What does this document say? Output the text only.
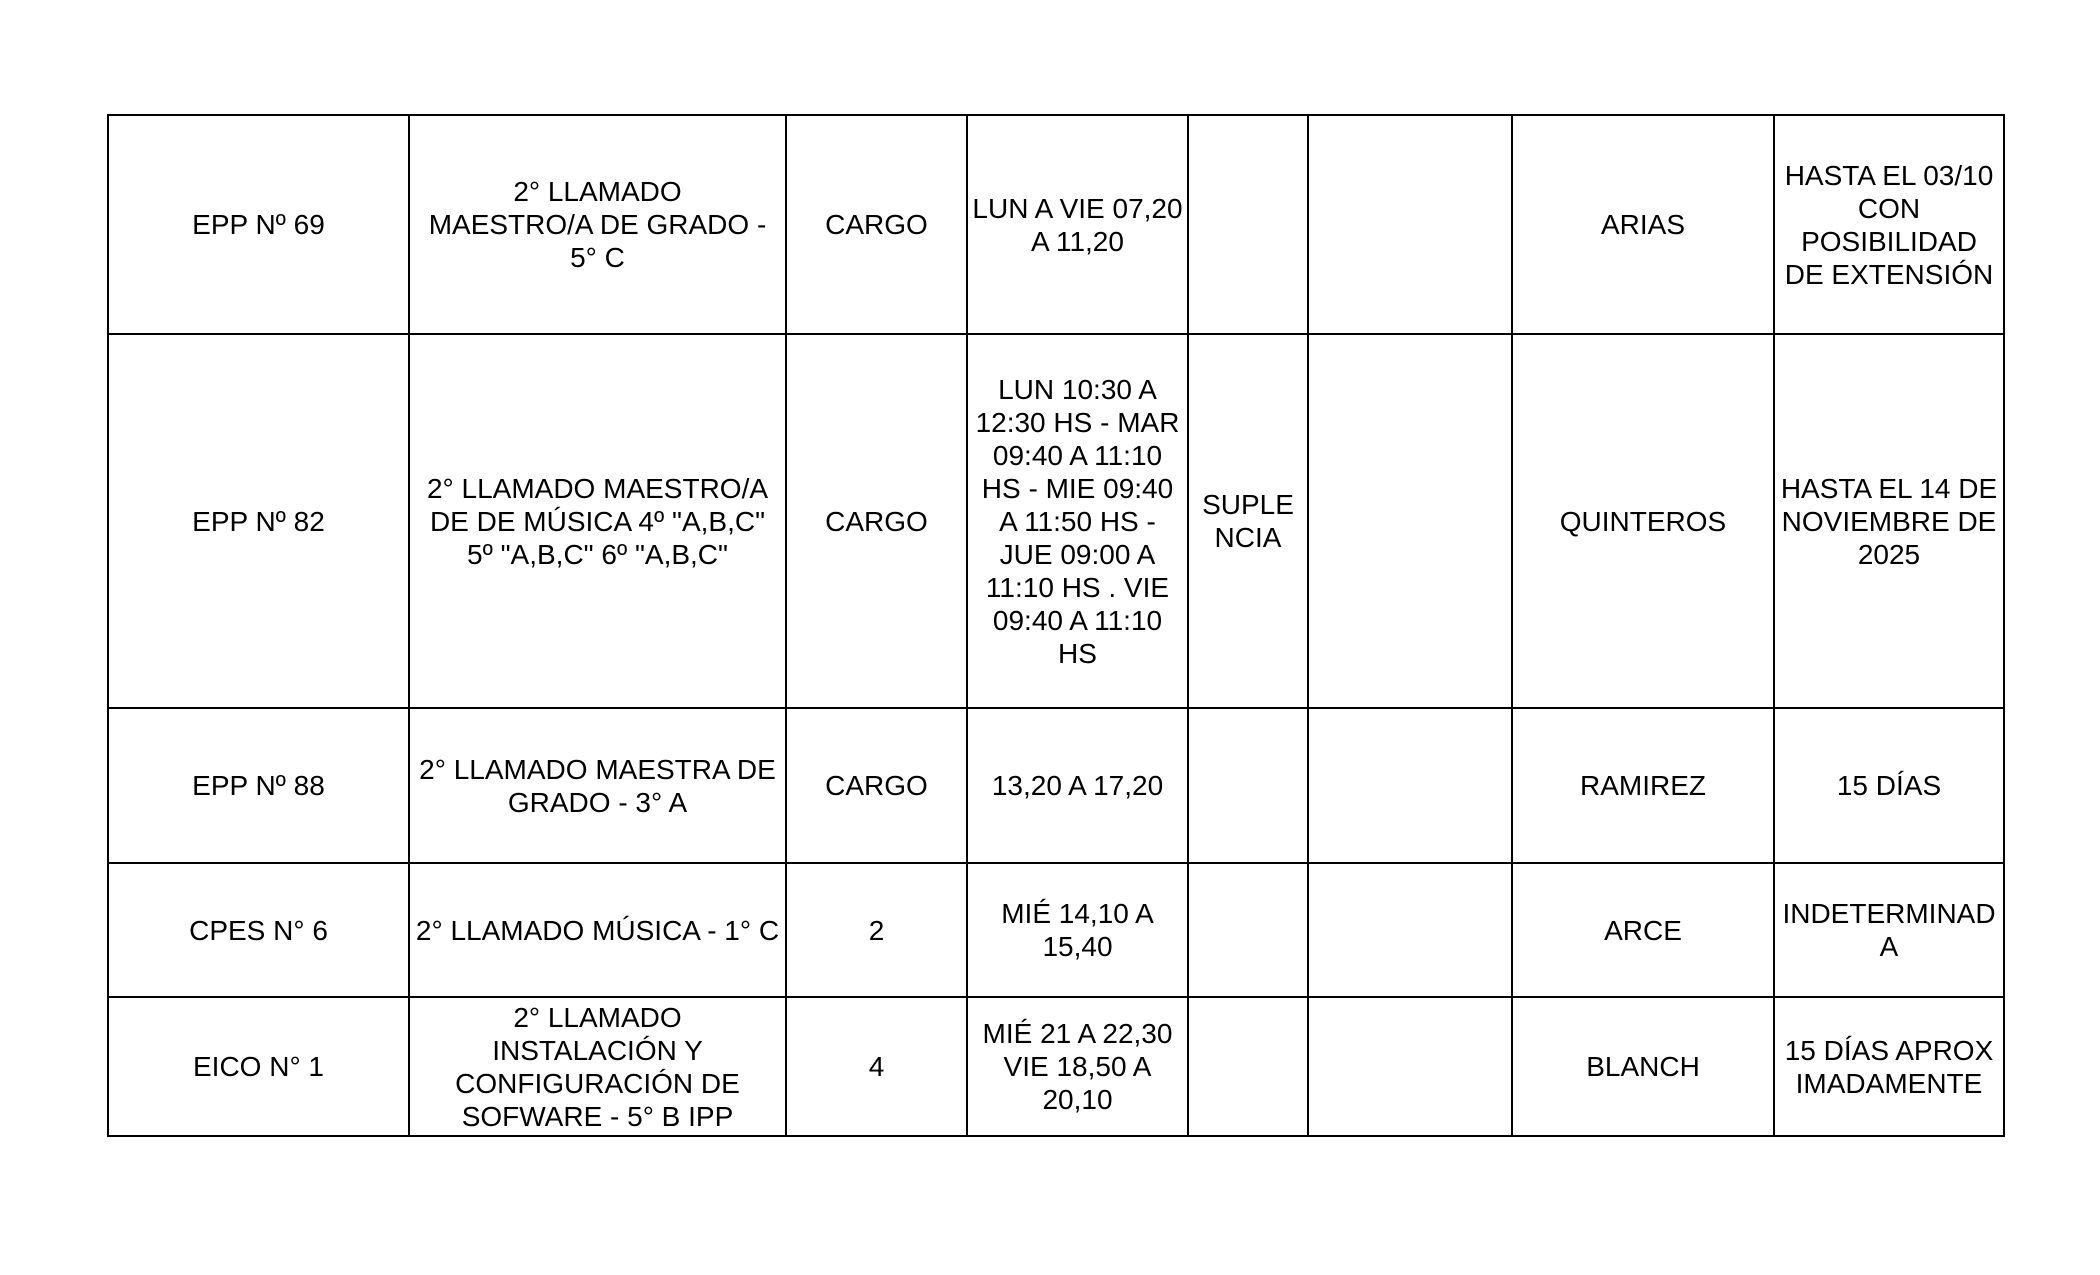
EPP Nº 69	2° LLAMADO MAESTRO/A DE GRADO - 5° C	CARGO	LUN A VIE 07,20 A 11,20			ARIAS	HASTA EL 03/10 CON POSIBILIDAD DE EXTENSIÓN
EPP Nº 82	2° LLAMADO MAESTRO/A DE DE MÚSICA 4º "A,B,C" 5º "A,B,C" 6º "A,B,C"	CARGO	LUN 10:30 A 12:30 HS - MAR 09:40 A 11:10 HS - MIE 09:40 A 11:50 HS - JUE 09:00 A 11:10 HS . VIE 09:40 A 11:10 HS	SUPLENCIA		QUINTEROS	HASTA EL 14 DE NOVIEMBRE DE 2025
EPP Nº 88	2° LLAMADO MAESTRA DE GRADO - 3° A	CARGO	13,20 A 17,20			RAMIREZ	15 DÍAS
CPES N° 6	2° LLAMADO MÚSICA - 1° C	2	MIÉ 14,10 A 15,40			ARCE	INDETERMINADA
EICO N° 1	2° LLAMADO INSTALACIÓN Y CONFIGURACIÓN DE SOFWARE - 5° B IPP	4	MIÉ 21 A 22,30 VIE 18,50 A 20,10			BLANCH	15 DÍAS APROXIMADAMENTE
